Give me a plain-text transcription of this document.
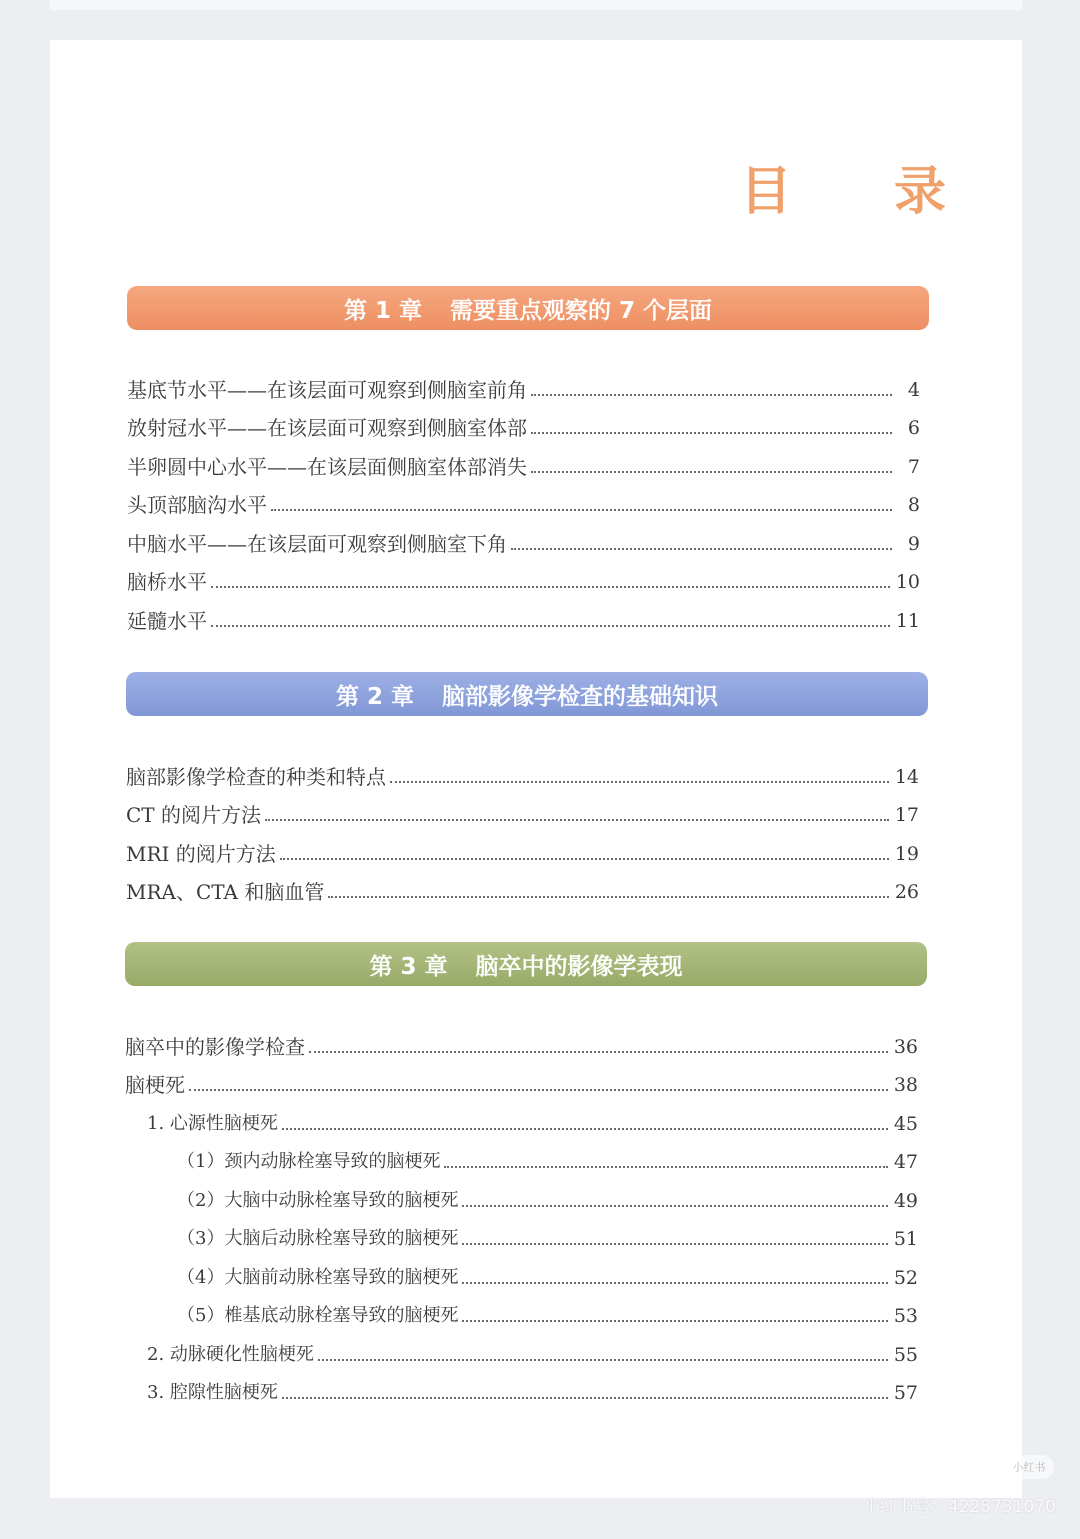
目 录
第 1 章 需要重点观察的 7 个层面
基底节水平——在该层面可观察到侧脑室前角	4
放射冠水平——在该层面可观察到侧脑室体部	6
半卵圆中心水平——在该层面侧脑室体部消失	7
头顶部脑沟水平	8
中脑水平——在该层面可观察到侧脑室下角	9
脑桥水平	10
延髓水平	11
第 2 章 脑部影像学检查的基础知识
脑部影像学检查的种类和特点	14
CT 的阅片方法	17
MRI 的阅片方法	19
MRA、CTA 和脑血管	26
第 3 章 脑卒中的影像学表现
脑卒中的影像学检查	36
脑梗死	38
1. 心源性脑梗死	45
（1）颈内动脉栓塞导致的脑梗死	47
（2）大脑中动脉栓塞导致的脑梗死	49
（3）大脑后动脉栓塞导致的脑梗死	51
（4）大脑前动脉栓塞导致的脑梗死	52
（5）椎基底动脉栓塞导致的脑梗死	53
2. 动脉硬化性脑梗死	55
3. 腔隙性脑梗死	57
小红书
小红书号：4228731070
